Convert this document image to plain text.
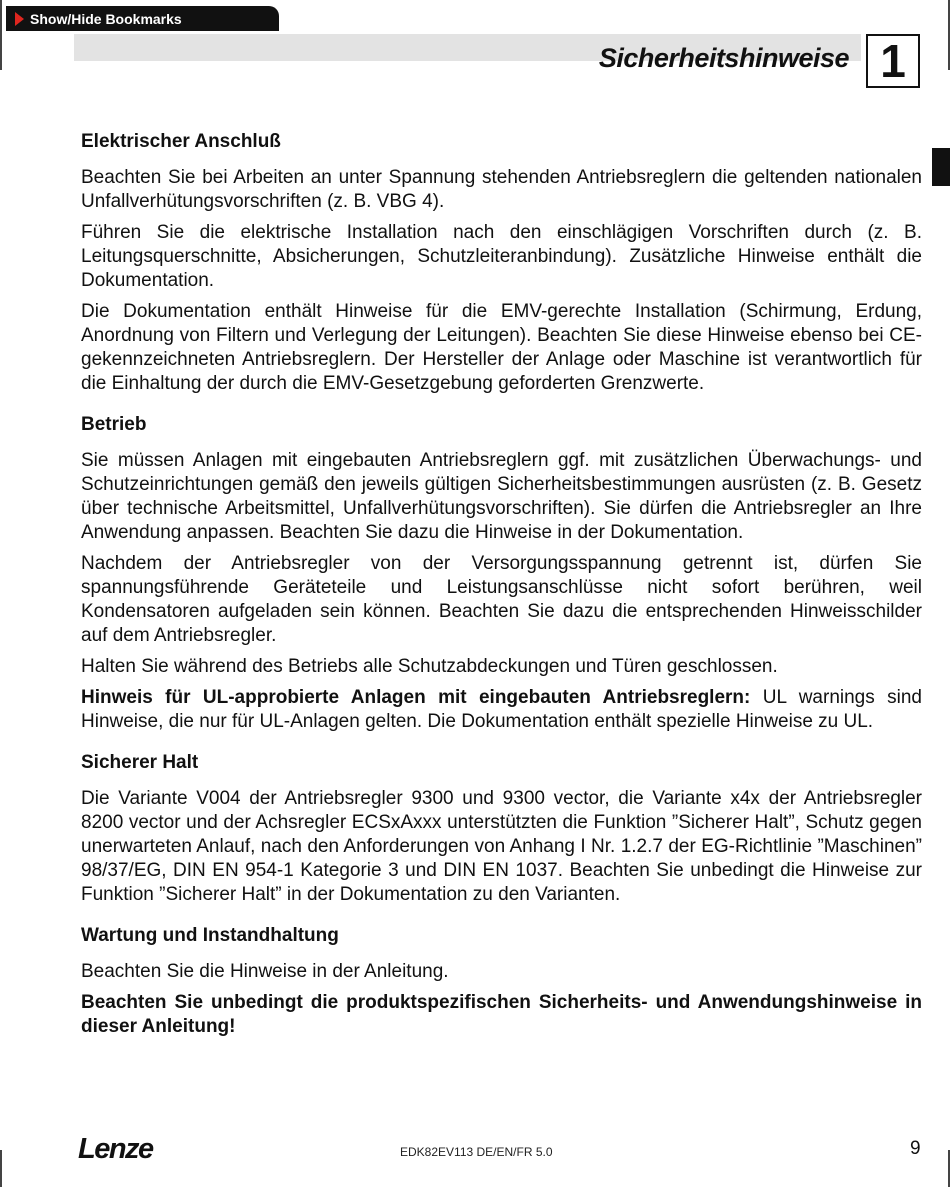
Show/Hide Bookmarks
Sicherheitshinweise 1
Elektrischer Anschluß

Beachten Sie bei Arbeiten an unter Spannung stehenden Antriebsreglern die geltenden nationalen Unfallverhütungsvorschriften (z. B. VBG 4).

Führen Sie die elektrische Installation nach den einschlägigen Vorschriften durch (z. B. Leitungsquerschnitte, Absicherungen, Schutzleiteranbindung). Zusätzliche Hinweise enthält die Dokumentation.

Die Dokumentation enthält Hinweise für die EMV-gerechte Installation (Schirmung, Erdung, Anordnung von Filtern und Verlegung der Leitungen). Beachten Sie diese Hinweise ebenso bei CE-gekennzeichneten Antriebsreglern. Der Hersteller der Anlage oder Maschine ist verantwortlich für die Einhaltung der durch die EMV-Gesetzgebung geforderten Grenzwerte.

Betrieb

Sie müssen Anlagen mit eingebauten Antriebsreglern ggf. mit zusätzlichen Überwachungs- und Schutzeinrichtungen gemäß den jeweils gültigen Sicherheitsbestimmungen ausrüsten (z. B. Gesetz über technische Arbeitsmittel, Unfallverhütungsvorschriften). Sie dürfen die Antriebsregler an Ihre Anwendung anpassen. Beachten Sie dazu die Hinweise in der Dokumentation.

Nachdem der Antriebsregler von der Versorgungsspannung getrennt ist, dürfen Sie spannungsführende Geräteteile und Leistungsanschlüsse nicht sofort berühren, weil Kondensatoren aufgeladen sein können. Beachten Sie dazu die entsprechenden Hinweisschilder auf dem Antriebsregler.

Halten Sie während des Betriebs alle Schutzabdeckungen und Türen geschlossen.

Hinweis für UL-approbierte Anlagen mit eingebauten Antriebsreglern: UL warnings sind Hinweise, die nur für UL-Anlagen gelten. Die Dokumentation enthält spezielle Hinweise zu UL.

Sicherer Halt

Die Variante V004 der Antriebsregler 9300 und 9300 vector, die Variante x4x der Antriebsregler 8200 vector und der Achsregler ECSxAxxx unterstützten die Funktion ”Sicherer Halt”, Schutz gegen unerwarteten Anlauf, nach den Anforderungen von Anhang I Nr. 1.2.7 der EG-Richtlinie ”Maschinen” 98/37/EG, DIN EN 954-1 Kategorie 3 und DIN EN 1037. Beachten Sie unbedingt die Hinweise zur Funktion ”Sicherer Halt” in der Dokumentation zu den Varianten.

Wartung und Instandhaltung

Beachten Sie die Hinweise in der Anleitung.

Beachten Sie unbedingt die produktspezifischen Sicherheits- und Anwendungshinweise in dieser Anleitung!

Lenze	EDK82EV113 DE/EN/FR 5.0	9
